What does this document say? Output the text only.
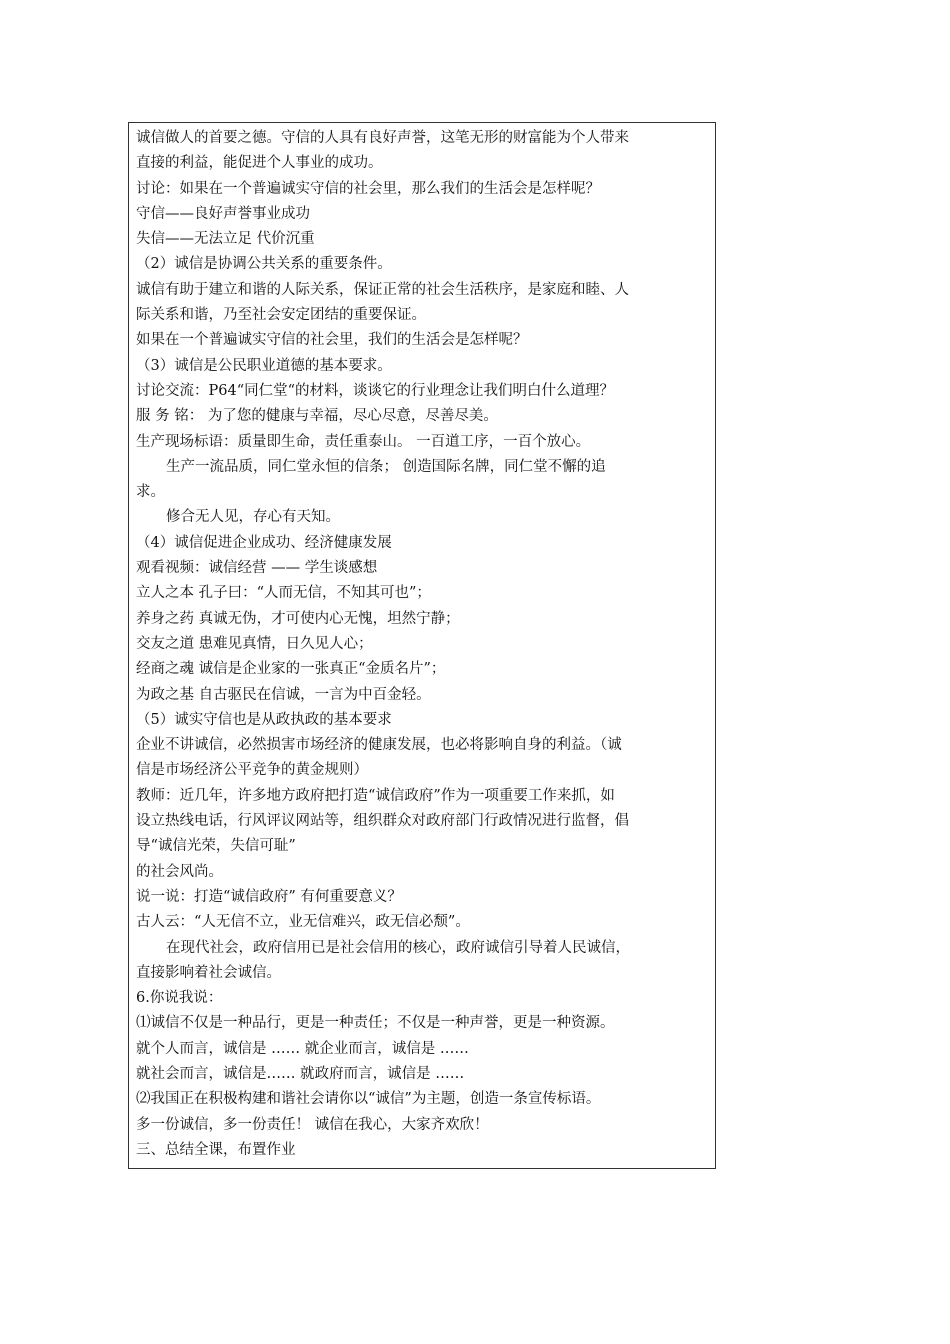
诚信做人的首要之德。守信的人具有良好声誉，这笔无形的财富能为个人带来
直接的利益，能促进个人事业的成功。
讨论：如果在一个普遍诚实守信的社会里，那么我们的生活会是怎样呢？
守信——良好声誉事业成功
失信——无法立足 代价沉重
（2）诚信是协调公共关系的重要条件。
诚信有助于建立和谐的人际关系，保证正常的社会生活秩序，是家庭和睦、人
际关系和谐，乃至社会安定团结的重要保证。
如果在一个普遍诚实守信的社会里，我们的生活会是怎样呢？
（3）诚信是公民职业道德的基本要求。
讨论交流：P64“同仁堂“的材料，谈谈它的行业理念让我们明白什么道理？
服 务 铭： 为了您的健康与幸福，尽心尽意，尽善尽美。
生产现场标语：质量即生命，责任重泰山。 一百道工序，一百个放心。
生产一流品质，同仁堂永恒的信条； 创造国际名牌，同仁堂不懈的追
求。
修合无人见，存心有天知。
（4）诚信促进企业成功、经济健康发展
观看视频：诚信经营 —— 学生谈感想
立人之本 孔子曰：“人而无信，不知其可也”；
养身之药 真诚无伪，才可使内心无愧，坦然宁静；
交友之道 患难见真情，日久见人心；
经商之魂 诚信是企业家的一张真正“金质名片”；
为政之基 自古驱民在信诚，一言为中百金轻。
（5）诚实守信也是从政执政的基本要求
企业不讲诚信，必然损害市场经济的健康发展，也必将影响自身的利益。（诚
信是市场经济公平竞争的黄金规则）
教师：近几年，许多地方政府把打造“诚信政府”作为一项重要工作来抓，如
设立热线电话，行风评议网站等，组织群众对政府部门行政情况进行监督，倡
导“诚信光荣，失信可耻”
的社会风尚。
说一说：打造“诚信政府” 有何重要意义？
古人云：“人无信不立，业无信难兴，政无信必颓”。
在现代社会，政府信用已是社会信用的核心，政府诚信引导着人民诚信，
直接影响着社会诚信。
6.你说我说：
⑴诚信不仅是一种品行，更是一种责任；不仅是一种声誉，更是一种资源。
就个人而言，诚信是 …… 就企业而言，诚信是 ……
就社会而言，诚信是…… 就政府而言，诚信是 ……
⑵我国正在积极构建和谐社会请你以“诚信”为主题，创造一条宣传标语。
多一份诚信，多一份责任！ 诚信在我心，大家齐欢欣！
三、总结全课，布置作业
